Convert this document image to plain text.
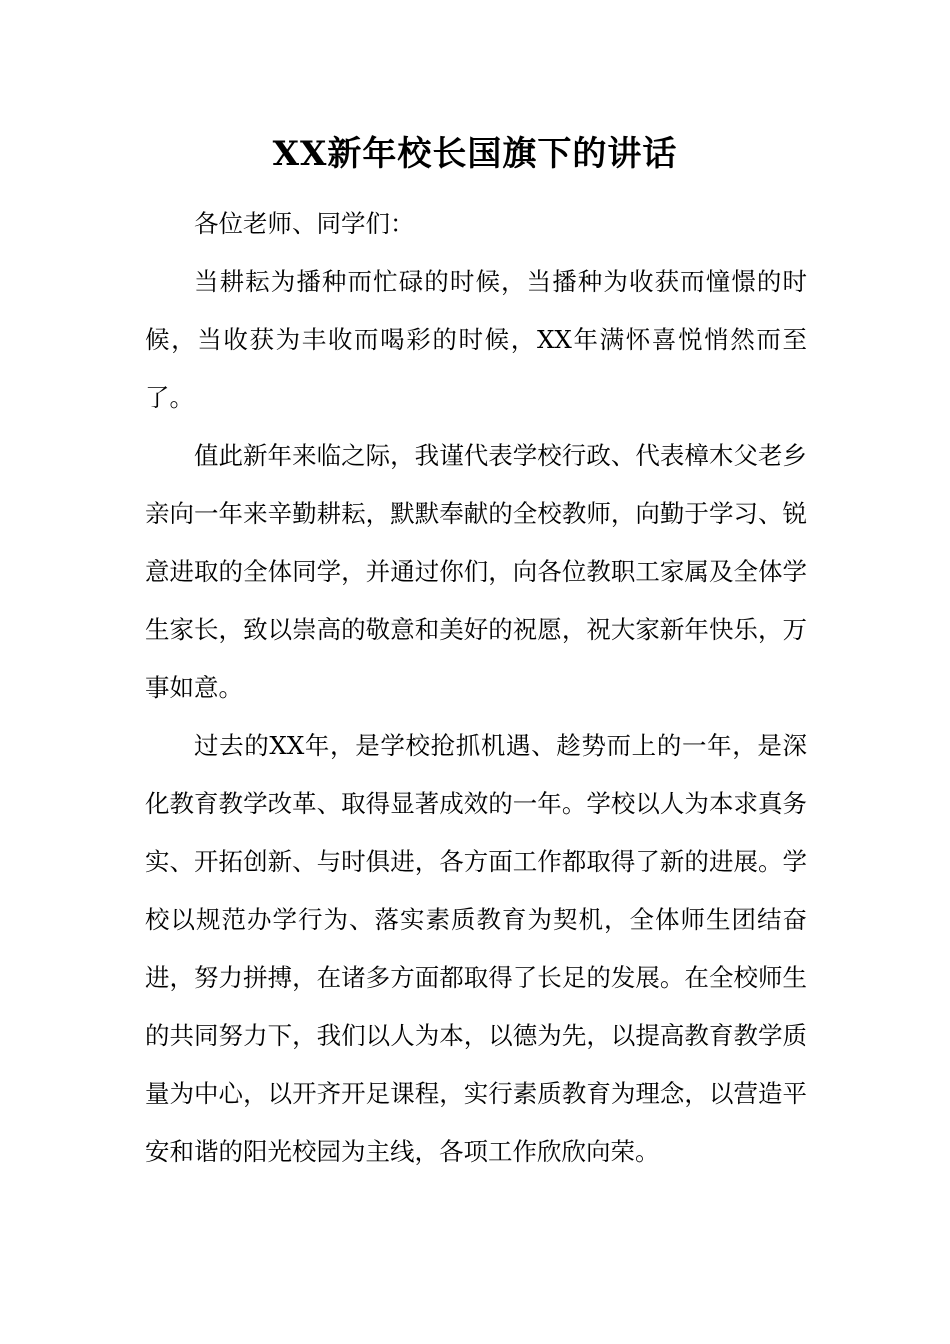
XX新年校长国旗下的讲话

各位老师、同学们：

当耕耘为播种而忙碌的时候，当播种为收获而憧憬的时候，当收获为丰收而喝彩的时候，XX年满怀喜悦悄然而至了。

值此新年来临之际，我谨代表学校行政、代表樟木父老乡亲向一年来辛勤耕耘，默默奉献的全校教师，向勤于学习、锐意进取的全体同学，并通过你们，向各位教职工家属及全体学生家长，致以崇高的敬意和美好的祝愿，祝大家新年快乐，万事如意。

过去的XX年，是学校抢抓机遇、趁势而上的一年，是深化教育教学改革、取得显著成效的一年。学校以人为本求真务实、开拓创新、与时俱进，各方面工作都取得了新的进展。学校以规范办学行为、落实素质教育为契机，全体师生团结奋进，努力拼搏，在诸多方面都取得了长足的发展。在全校师生的共同努力下，我们以人为本，以德为先，以提高教育教学质量为中心，以开齐开足课程，实行素质教育为理念，以营造平安和谐的阳光校园为主线，各项工作欣欣向荣。
